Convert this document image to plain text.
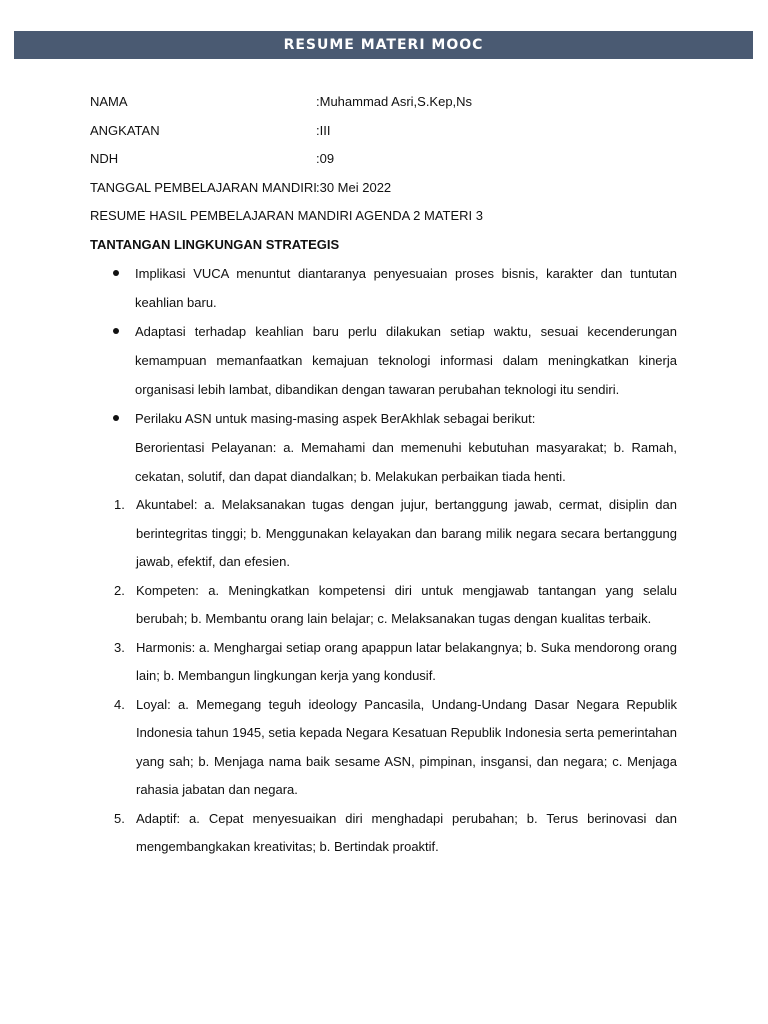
RESUME MATERI MOOC
NAMA	:Muhammad Asri,S.Kep,Ns
ANGKATAN	:III
NDH	:09
TANGGAL PEMBELAJARAN MANDIRI :30 Mei 2022
RESUME HASIL PEMBELAJARAN MANDIRI AGENDA 2 MATERI 3
TANTANGAN LINGKUNGAN STRATEGIS
Implikasi VUCA menuntut diantaranya penyesuaian proses bisnis, karakter dan tuntutan keahlian baru.
Adaptasi terhadap keahlian baru perlu dilakukan setiap waktu, sesuai kecenderungan kemampuan memanfaatkan kemajuan teknologi informasi dalam meningkatkan kinerja organisasi lebih lambat, dibandikan dengan tawaran perubahan teknologi itu sendiri.
Perilaku ASN untuk masing-masing aspek BerAkhlak sebagai berikut:
Berorientasi Pelayanan: a. Memahami dan memenuhi kebutuhan masyarakat; b. Ramah, cekatan, solutif, dan dapat diandalkan; b. Melakukan perbaikan tiada henti.
1. Akuntabel: a. Melaksanakan tugas dengan jujur, bertanggung jawab, cermat, disiplin dan berintegritas tinggi; b. Menggunakan kelayakan dan barang milik negara secara bertanggung jawab, efektif, dan efesien.
2. Kompeten: a. Meningkatkan kompetensi diri untuk mengjawab tantangan yang selalu berubah; b. Membantu orang lain belajar; c. Melaksanakan tugas dengan kualitas terbaik.
3. Harmonis: a. Menghargai setiap orang apappun latar belakangnya; b. Suka mendorong orang lain; b. Membangun lingkungan kerja yang kondusif.
4. Loyal: a. Memegang teguh ideology Pancasila, Undang-Undang Dasar Negara Republik Indonesia tahun 1945, setia kepada Negara Kesatuan Republik Indonesia serta pemerintahan yang sah; b. Menjaga nama baik sesame ASN, pimpinan, insgansi, dan negara; c. Menjaga rahasia jabatan dan negara.
5. Adaptif: a. Cepat menyesuaikan diri menghadapi perubahan; b. Terus berinovasi dan mengembangkakan kreativitas; b. Bertindak proaktif.
